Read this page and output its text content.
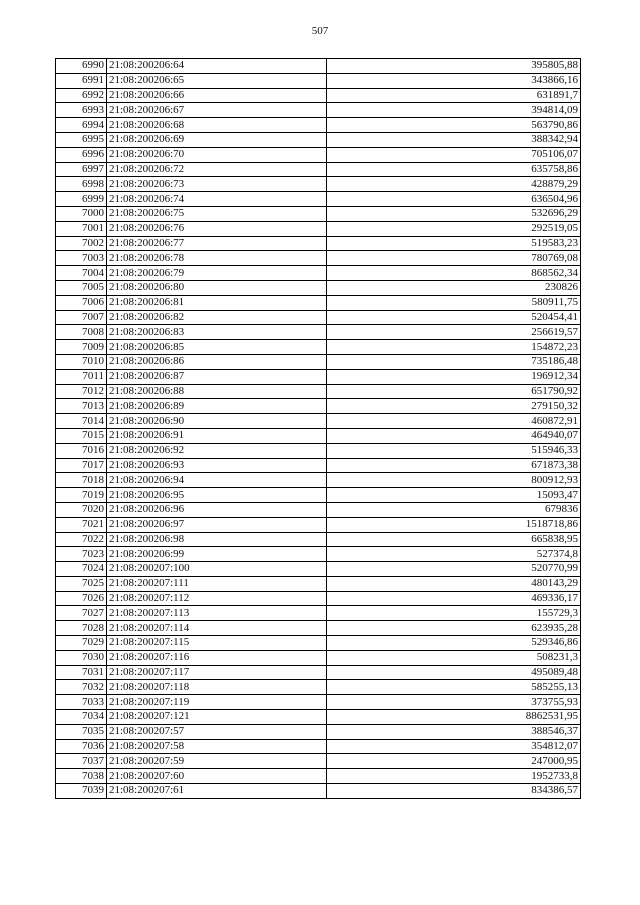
507
6990	21:08:200206:64	395805,88
6991	21:08:200206:65	343866,16
6992	21:08:200206:66	631891,7
6993	21:08:200206:67	394814,09
6994	21:08:200206:68	563790,86
6995	21:08:200206:69	388342,94
6996	21:08:200206:70	705106,07
6997	21:08:200206:72	635758,86
6998	21:08:200206:73	428879,29
6999	21:08:200206:74	636504,96
7000	21:08:200206:75	532696,29
7001	21:08:200206:76	292519,05
7002	21:08:200206:77	519583,23
7003	21:08:200206:78	780769,08
7004	21:08:200206:79	868562,34
7005	21:08:200206:80	230826
7006	21:08:200206:81	580911,75
7007	21:08:200206:82	520454,41
7008	21:08:200206:83	256619,57
7009	21:08:200206:85	154872,23
7010	21:08:200206:86	735186,48
7011	21:08:200206:87	196912,34
7012	21:08:200206:88	651790,92
7013	21:08:200206:89	279150,32
7014	21:08:200206:90	460872,91
7015	21:08:200206:91	464940,07
7016	21:08:200206:92	515946,33
7017	21:08:200206:93	671873,38
7018	21:08:200206:94	800912,93
7019	21:08:200206:95	15093,47
7020	21:08:200206:96	679836
7021	21:08:200206:97	1518718,86
7022	21:08:200206:98	665838,95
7023	21:08:200206:99	527374,8
7024	21:08:200207:100	520770,99
7025	21:08:200207:111	480143,29
7026	21:08:200207:112	469336,17
7027	21:08:200207:113	155729,3
7028	21:08:200207:114	623935,28
7029	21:08:200207:115	529346,86
7030	21:08:200207:116	508231,3
7031	21:08:200207:117	495089,48
7032	21:08:200207:118	585255,13
7033	21:08:200207:119	373755,93
7034	21:08:200207:121	8862531,95
7035	21:08:200207:57	388546,37
7036	21:08:200207:58	354812,07
7037	21:08:200207:59	247000,95
7038	21:08:200207:60	1952733,8
7039	21:08:200207:61	834386,57
